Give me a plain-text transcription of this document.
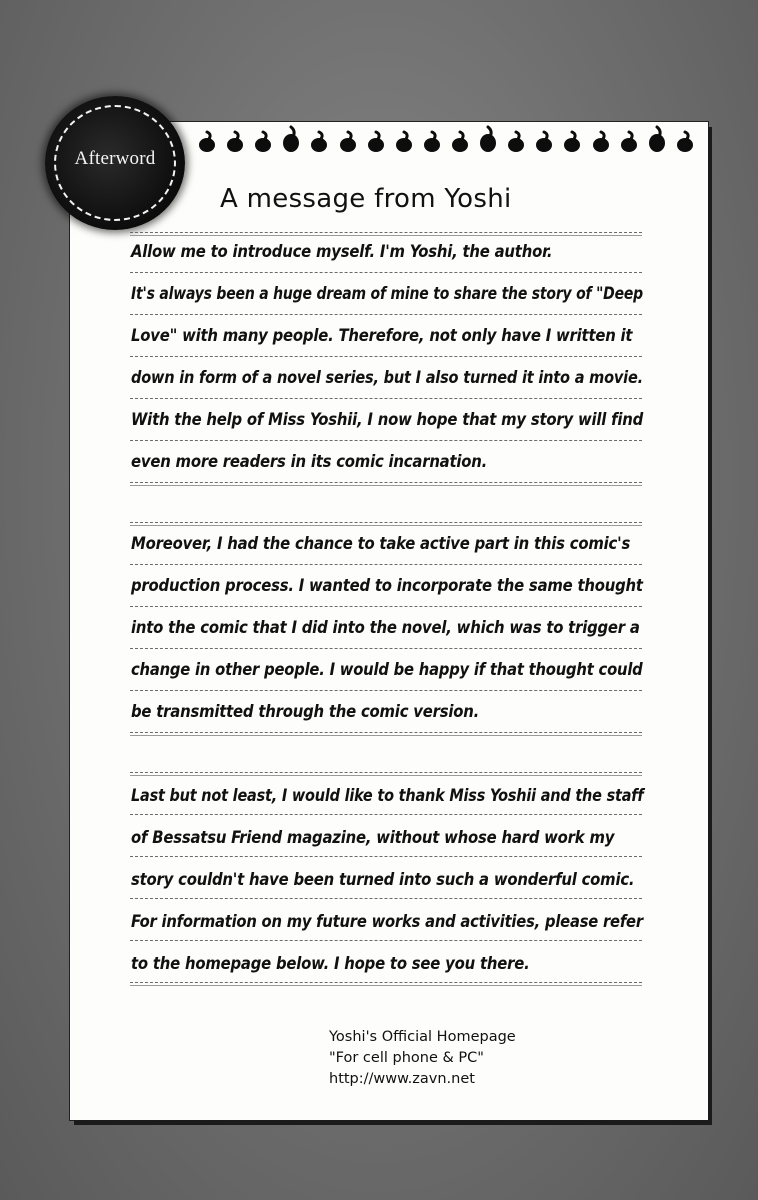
Afterword
A message from Yoshi
Allow me to introduce myself. I'm Yoshi, the author.
It's always been a huge dream of mine to share the story of "Deep
Love" with many people. Therefore, not only have I written it
down in form of a novel series, but I also turned it into a movie.
With the help of Miss Yoshii, I now hope that my story will find
even more readers in its comic incarnation.
Moreover, I had the chance to take active part in this comic's
production process. I wanted to incorporate the same thought
into the comic that I did into the novel, which was to trigger a
change in other people. I would be happy if that thought could
be transmitted through the comic version.
Last but not least, I would like to thank Miss Yoshii and the staff
of Bessatsu Friend magazine, without whose hard work my
story couldn't have been turned into such a wonderful comic.
For information on my future works and activities, please refer
to the homepage below. I hope to see you there.
Yoshi's Official Homepage
"For cell phone & PC"
http://www.zavn.net
